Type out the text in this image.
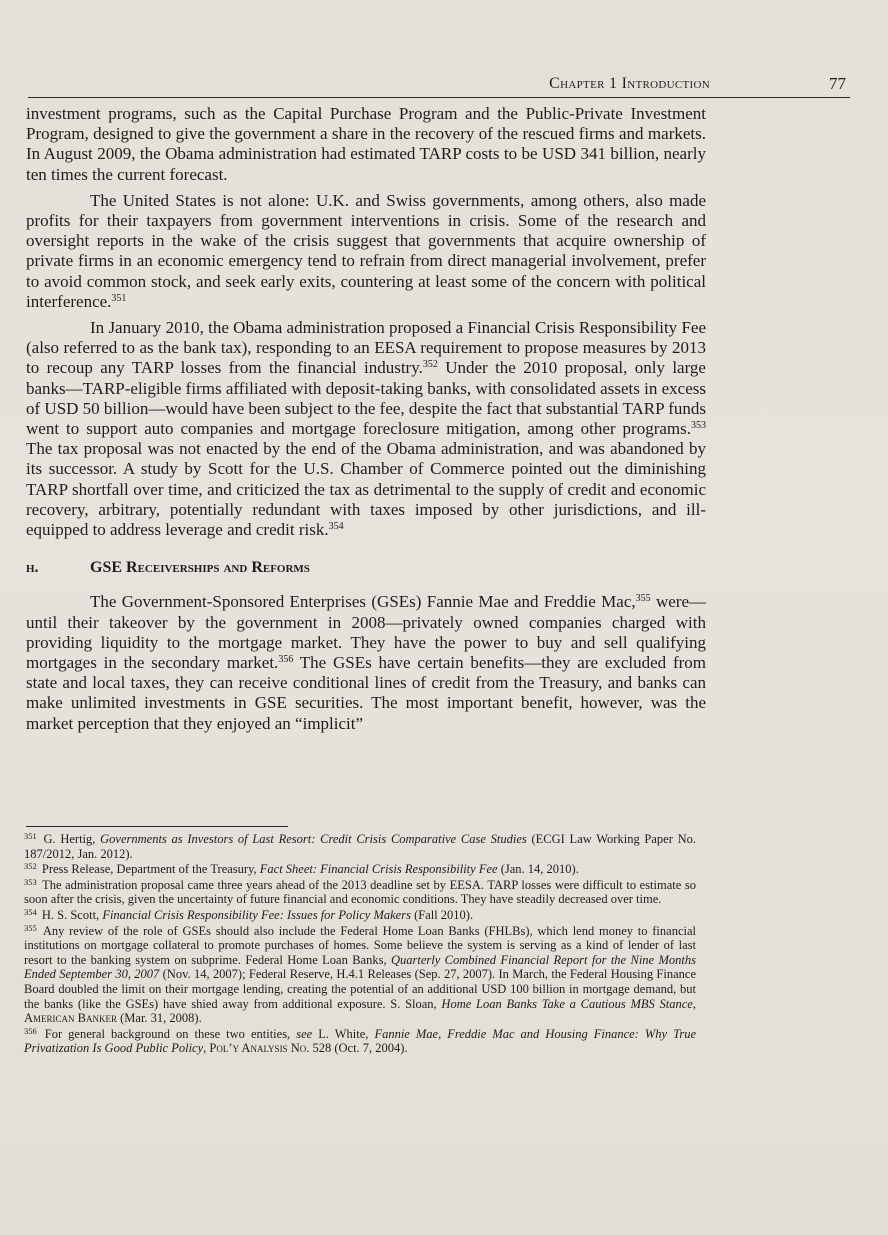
Chapter 1 Introduction	77

investment programs, such as the Capital Purchase Program and the Public-Private Investment Program, designed to give the government a share in the recovery of the rescued firms and markets. In August 2009, the Obama administration had estimated TARP costs to be USD 341 billion, nearly ten times the current forecast.

The United States is not alone: U.K. and Swiss governments, among others, also made profits for their taxpayers from government interventions in crisis. Some of the research and oversight reports in the wake of the crisis suggest that governments that acquire ownership of private firms in an economic emergency tend to refrain from direct managerial involvement, prefer to avoid common stock, and seek early exits, countering at least some of the concern with political interference.$^{351}$

In January 2010, the Obama administration proposed a Financial Crisis Responsibility Fee (also referred to as the bank tax), responding to an EESA requirement to propose measures by 2013 to recoup any TARP losses from the financial industry.$^{352}$ Under the 2010 proposal, only large banks—TARP-eligible firms affiliated with deposit-taking banks, with consolidated assets in excess of USD 50 billion—would have been subject to the fee, despite the fact that substantial TARP funds went to support auto companies and mortgage foreclosure mitigation, among other programs.$^{353}$ The tax proposal was not enacted by the end of the Obama administration, and was abandoned by its successor. A study by Scott for the U.S. Chamber of Commerce pointed out the diminishing TARP shortfall over time, and criticized the tax as detrimental to the supply of credit and economic recovery, arbitrary, potentially redundant with taxes imposed by other jurisdictions, and ill-equipped to address leverage and credit risk.$^{354}$

h.	GSE Receiverships and Reforms

The Government-Sponsored Enterprises (GSEs) Fannie Mae and Freddie Mac,$^{355}$ were—until their takeover by the government in 2008—privately owned companies charged with providing liquidity to the mortgage market. They have the power to buy and sell qualifying mortgages in the secondary market.$^{356}$ The GSEs have certain benefits—they are excluded from state and local taxes, they can receive conditional lines of credit from the Treasury, and banks can make unlimited investments in GSE securities. The most important benefit, however, was the market perception that they enjoyed an “implicit”

$^{351}$ G. Hertig, Governments as Investors of Last Resort: Credit Crisis Comparative Case Studies (ECGI Law Working Paper No. 187/2012, Jan. 2012).
$^{352}$ Press Release, Department of the Treasury, Fact Sheet: Financial Crisis Responsibility Fee (Jan. 14, 2010).
$^{353}$ The administration proposal came three years ahead of the 2013 deadline set by EESA. TARP losses were difficult to estimate so soon after the crisis, given the uncertainty of future financial and economic conditions. They have steadily decreased over time.
$^{354}$ H. S. Scott, Financial Crisis Responsibility Fee: Issues for Policy Makers (Fall 2010).
$^{355}$ Any review of the role of GSEs should also include the Federal Home Loan Banks (FHLBs), which lend money to financial institutions on mortgage collateral to promote purchases of homes. Some believe the system is serving as a kind of lender of last resort to the banking system on subprime. Federal Home Loan Banks, Quarterly Combined Financial Report for the Nine Months Ended September 30, 2007 (Nov. 14, 2007); Federal Reserve, H.4.1 Releases (Sep. 27, 2007). In March, the Federal Housing Finance Board doubled the limit on their mortgage lending, creating the potential of an additional USD 100 billion in mortgage demand, but the banks (like the GSEs) have shied away from additional exposure. S. Sloan, Home Loan Banks Take a Cautious MBS Stance, American Banker (Mar. 31, 2008).
$^{356}$ For general background on these two entities, see L. White, Fannie Mae, Freddie Mac and Housing Finance: Why True Privatization Is Good Public Policy, Pol’y Analysis No. 528 (Oct. 7, 2004).
